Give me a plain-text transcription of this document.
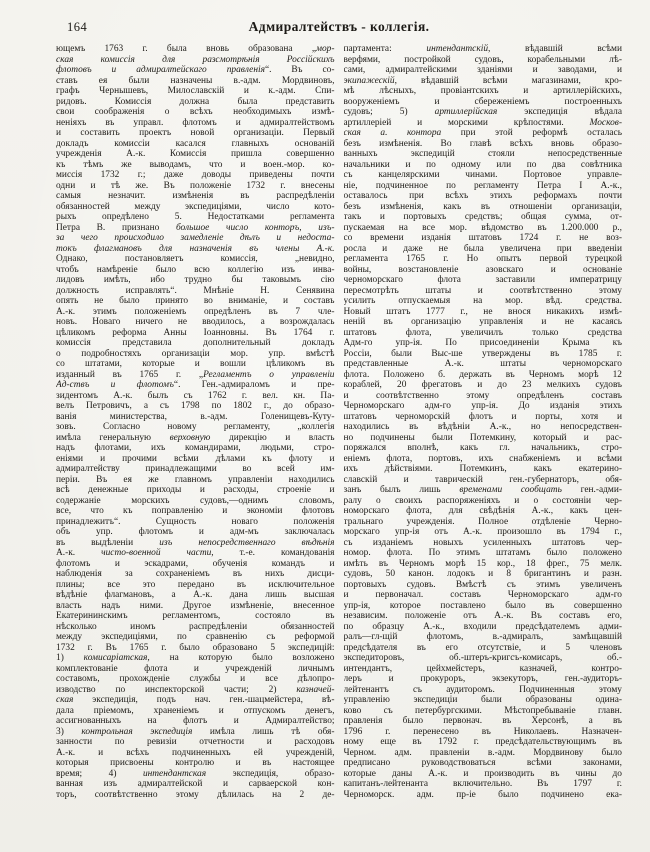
164	Адмиралтействъ - коллегія.
ющемъ 1763 г. была вновь образована „мор-
ская комиссія для разсмотрѣнія Россійскихъ
флотовъ и адмиралтейскаго правленія“. Въ со-
ставъ ея были назначены в.-адм. Мордвиновъ,
графъ Чернышевъ, Милославскій и к.-адм. Спи-
ридовъ. Комиссія должна была представить
свои соображенія о всѣхъ необходимыхъ измѣ-
неніяхъ въ управл. флотомъ и адмиралтействомъ
и составить проектъ новой организаціи. Первый
докладъ комиссіи касался главныхъ основаній
учрежденія А.-к. Комиссія пришла совершенно
къ тѣмъ же выводамъ, что и воен.-мор. ко-
миссія 1732 г.; даже доводы приведены почти
одни и тѣ же. Въ положеніе 1732 г. внесены
самыя незначит. измѣненія въ распредѣленіи
обязанностей между экспедиціями, число кото-
рыхъ опредѣлено 5. Недостатками регламента
Петра В. признано большое число конторъ, изъ-
за чего происходило замедленіе дѣлъ и недоста-
токъ флагмановъ для назначенія въ члены А.-к.
Однако, постановляетъ комиссія, „невидно,
чтобъ намѣреніе было всю коллегію изъ инва-
лидовъ имѣть, ибо трудно бы таковымъ сію
должность исправлять“. Мнѣніе Н. Сенявина
опять не было принято во вниманіе, и составъ
А.-к. этимъ положеніемъ опредѣленъ въ 7 чле-
новъ. Новаго ничего не вводилось, а возрождалась
цѣликомъ реформа Анны Іоанновны. Въ 1764 г.
комиссія представила дополнительный докладъ
о подробностяхъ организаціи мор. упр. вмѣстѣ
со штатами, которые и вошли цѣликомъ въ
изданный въ 1765 г. „Регламентъ о управленіи
Ад-ствъ и флотомъ“. Ген.-адмираломъ и пре-
зидентомъ А.-к. былъ съ 1762 г. вел. кн. Па-
велъ Петровичъ, а съ 1798 по 1802 г., до образо-
ванія министерства, в.-адм. Голенищевъ-Куту-
зовъ. Согласно новому регламенту, „коллегія
имѣла генеральную верховную дирекцію и власть
надъ флотами, ихъ командирами, людьми, стро-
еніями и прочими всѣми дѣлами къ флоту и
адмиралтейству принадлежащими во всей им-
періи. Въ ея же главномъ управленіи находились
всѣ денежные приходы и расходы, строеніе и
содержаніе морскихъ судовъ,—однимъ словомъ,
все, что къ поправленію и экономіи флотовъ
принадлежитъ“. Сущность новаго положенія
объ упр. флотомъ и адм-мъ заключалась
въ выдѣленіи изъ непосредственнаго вѣдѣнія
А.-к. чисто-военной части, т.-е. командованія
флотомъ и эскадрами, обученія командъ и
наблюденія за сохраненіемъ въ нихъ дисци-
плины; все это передано въ исключительное
вѣдѣніе флагмановъ, а А.-к. дана лишь высшая
власть надъ ними. Другое измѣненіе, внесенное
Екатерининскимъ регламентомъ, состояло въ
нѣсколько иномъ распредѣленіи обязанностей
между экспедиціями, по сравненію съ реформой
1732 г. Въ 1765 г. было образовано 5 экспедицій:
1) комисаріатская, на которую было возложено
комплектованіе флота и учрежденій личнымъ
составомъ, прохожденіе службы и все дѣлопро-
изводство по инспекторской части; 2) казначей-
ская экспедиція, подъ нач. ген.-шацмейстера, вѣ-
дала пріемомъ, храненіемъ и отпускомъ денегъ,
ассигнованныхъ на флотъ и Адмиралтейство;
3) контрольная экспедиція имѣла лишь тѣ обя-
занности по ревизіи отчетности и расходовъ
А.-к. и всѣхъ подчиненныхъ ей учрежденій,
которыя присвоены контролю и въ настоящее
время; 4) интендантская экспедиція, образо-
ванная изъ адмиралтейской и сарваерской кон-
торъ, соотвѣтственно этому дѣлилась на 2 де-
партамента: интендантскій, вѣдавшій всѣми
верфями, постройкой судовъ, корабельными лѣ-
сами, адмиралтейскими зданіями и заводами, и
экипажескій, вѣдавшій всѣми магазинами, кро-
мѣ лѣсныхъ, провіантскихъ и артиллерійскихъ,
вооруженіемъ и сбереженіемъ построенныхъ
судовъ; 5) артиллерійская экспедиція вѣдала
артиллеріей и морскими крѣпостями. Москов-
ская а. контора при этой реформѣ осталась
безъ измѣненія. Во главѣ всѣхъ вновь образо-
ванныхъ экспедицій стояли непосредственные
начальники и по одному или по два совѣтника
съ канцелярскими чинами. Портовое управле-
ніе, подчиненное по регламенту Петра I А.-к.,
оставалось при всѣхъ этихъ реформахъ почти
безъ измѣненія, какъ въ отношеніи организаціи,
такъ и портовыхъ средствъ; общая сумма, от-
пускаемая на все мор. вѣдомство въ 1.200.000 р.,
со времени изданія штатовъ 1724 г. не воз-
росла и даже не была увеличена при введеніи
регламента 1765 г. Но опытъ первой турецкой
войны, возстановленіе азовскаго и основаніе
черноморскаго флота заставили императрицу
пересмотрѣть штаты и соотвѣтственно этому
усилить отпускаемыя на мор. вѣд. средства.
Новый штатъ 1777 г., не внося никакихъ измѣ-
неній въ организацію управленія и не касаясь
штатовъ флота, увеличилъ только средства
Адм-го упр-ія. По присоединеніи Крыма къ
Россіи, были Выс-ше утверждены въ 1785 г.
представленные А.-к. штаты черноморскаго
флота. Положено б. держать въ Черномъ морѣ 12
кораблей, 20 фрегатовъ и до 23 мелкихъ судовъ
и соотвѣтственно этому опредѣленъ составъ
Черноморскаго адм-го упр-ія. До изданія этихъ
штатовъ черноморскій флотъ и порты, хотя и
находились въ вѣдѣніи А.-к., но непосредствен-
но подчинены были Потемкину, который и рас-
поряжался вполнѣ, какъ гл. начальникъ, стро-
еніемъ флота, портовъ, ихъ снабженіемъ и всѣми
ихъ дѣйствіями. Потемкинъ, какъ екатерино-
славскій и таврическій ген.-губернаторъ, обя-
занъ былъ лишь временами сообщать ген.-адми-
ралу о своихъ распоряженіяхъ и о состояніи чер-
номорскаго флота, для свѣдѣнія А.-к., какъ цен-
тральнаго учрежденія. Полное отдѣленіе Черно-
морскаго упр-ія отъ А.-к. произошло въ 1794 г.,
съ изданіемъ новыхъ усиленныхъ штатовъ чер-
номор. флота. По этимъ штатамъ было положено
имѣть въ Черномъ морѣ 15 кор., 18 фрег., 75 мелк.
судовъ, 50 канон. лодокъ и 8 бригантинъ и разн.
портовыхъ судовъ. Вмѣстѣ съ этимъ увеличенъ
и первоначал. составъ Черноморскаго адм-го
упр-ія, которое поставлено было въ совершенно
независим. положеніе отъ А.-к. Въ составъ его,
по образцу А.-к., входили предсѣдателемъ адми-
ралъ—гл-щій флотомъ, в.-адмиралъ, замѣщавшій
предсѣдателя въ его отсутствіе, и 5 членовъ
экспедиторовъ, об.-штеръ-кригсъ-комисаръ, об.-
интендантъ, цейхмейстеръ, казначей, контро-
леръ и прокуроръ, экзекуторъ, ген.-аудиторъ-
лейтенантъ съ аудиторомъ. Подчиненныя этому
управленію экспедиціи были образованы одина-
ково съ петербургскими. Мѣстопребываніе главн.
правленія было первонач. въ Херсонѣ, а въ
1796 г. перенесено въ Николаевъ. Назначен-
ному еще въ 1792 г. предсѣдательствующимъ въ
Черном. адм. правленіи в.-адм. Мордвинову было
предписано руководствоваться всѣми законами,
которые даны А.-к. и производить въ чины до
капитанъ-лейтенанта включительно. Въ 1797 г.
Черноморск. адм. пр-іе было подчинено ека-
